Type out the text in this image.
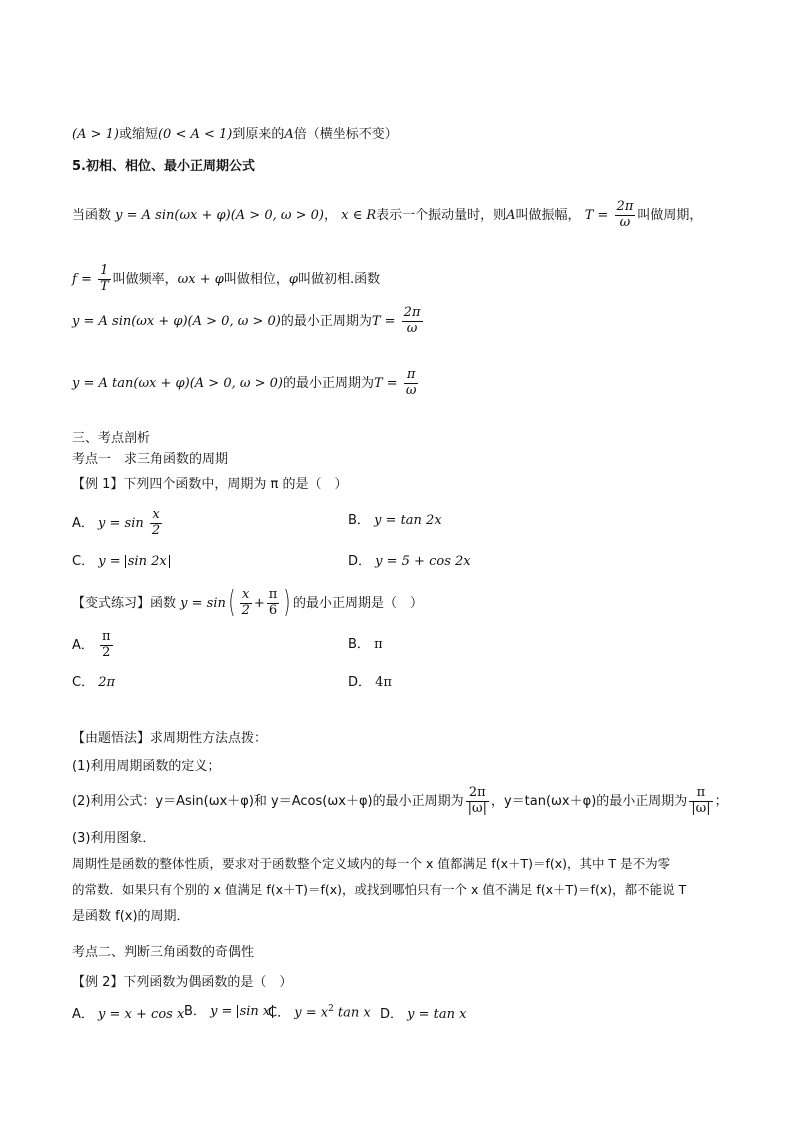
(A > 1)或缩短(0 < A < 1)到原来的A倍（横坐标不变）
5.初相、相位、最小正周期公式
当函数 y = A sin(ωx + φ)(A > 0, ω > 0)， x ∈ R表示一个振动量时，则A叫做振幅， $T = \frac{2\pi}{\omega}$ 叫做周期，
$f = \frac{1}{T}$ 叫做频率，ωx + φ叫做相位，φ叫做初相.函数
y = A sin(ωx + φ)(A > 0, ω > 0)的最小正周期为$T = \frac{2\pi}{\omega}$
y = A tan(ωx + φ)(A > 0, ω > 0)的最小正周期为$T = \frac{\pi}{\omega}$
三、考点剖析
考点一　求三角函数的周期
【例 1】下列四个函数中，周期为 π 的是（　）
A． $y = \sin \frac{x}{2}$	B． y = tan 2x
C． y = sin 2x	D． y = 5 + cos 2x
【变式练习】函数 $y = \sin( \frac{x}{2} + \frac{\pi}{6}$ ) 的最小正周期是（　）
A． $\frac{\pi}{2}$	B． π
C． 2π	D． 4π
【由题悟法】求周期性方法点拨：
(1)利用周期函数的定义；
(2)利用公式：y＝Asin(ωx＋φ)和 y＝Acos(ωx＋φ)的最小正周期为 $\frac{2\pi}{|\omega|}$ ，y＝tan(ωx＋φ)的最小正周期为 $\frac{\pi}{|\omega|}$ ；
(3)利用图象．
周期性是函数的整体性质，要求对于函数整个定义域内的每一个 x 值都满足 f(x＋T)＝f(x)，其中 T 是不为零
的常数．如果只有个别的 x 值满足 f(x＋T)＝f(x)，或找到哪怕只有一个 x 值不满足 f(x＋T)＝f(x)，都不能说 T
是函数 f(x)的周期．
考点二、判断三角函数的奇偶性
【例 2】下列函数为偶函数的是（　）
A． y = x + cos x B． y = sin x
C． $y = x^2$ tan x D． y = tan x
